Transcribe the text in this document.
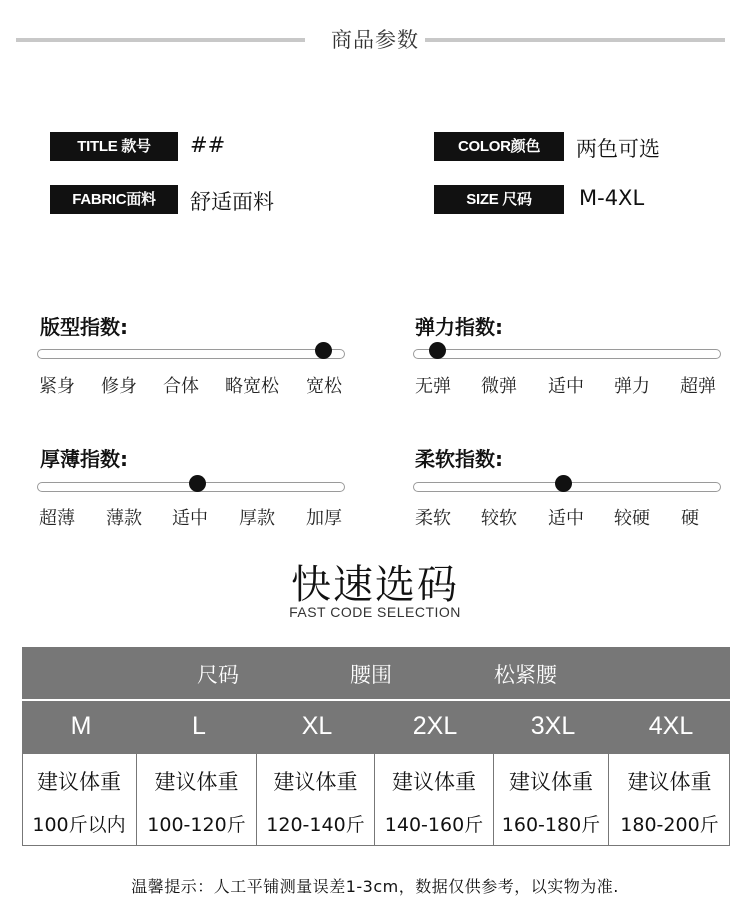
商品参数
TITLE 款号	##
FABRIC面料	舒适面料
COLOR颜色	两色可选
SIZE 尺码	M-4XL
版型指数:
紧身 修身 合体 略宽松 宽松
弹力指数:
无弹 微弹 适中 弹力 超弹
厚薄指数:
超薄 薄款 适中 厚款 加厚
柔软指数:
柔软 较软 适中 较硬 硬
快速选码
FAST CODE SELECTION
尺码	腰围	松紧腰
M	L	XL	2XL	3XL	4XL
建议体重	建议体重	建议体重	建议体重	建议体重	建议体重
100斤以内	100-120斤	120-140斤	140-160斤 160-180斤	180-200斤
温馨提示：人工平铺测量误差1-3cm，数据仅供参考，以实物为准.
